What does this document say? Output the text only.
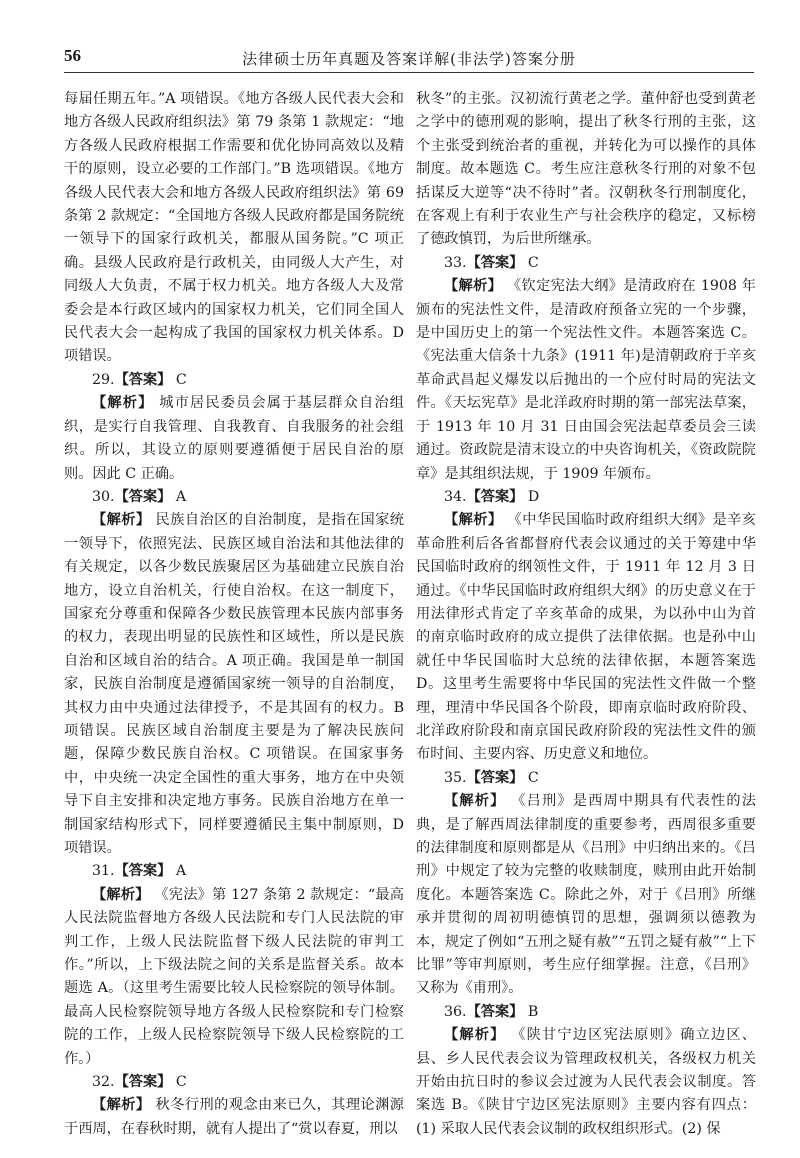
56	法律硕士历年真题及答案详解(非法学)答案分册

每届任期五年。”A 项错误。《地方各级人民代表大会和地方各级人民政府组织法》第 79 条第 1 款规定：“地方各级人民政府根据工作需要和优化协同高效以及精干的原则，设立必要的工作部门。”B 选项错误。《地方各级人民代表大会和地方各级人民政府组织法》第 69 条第 2 款规定：“全国地方各级人民政府都是国务院统一领导下的国家行政机关，都服从国务院。”C 项正确。县级人民政府是行政机关，由同级人大产生，对同级人大负责，不属于权力机关。地方各级人大及常委会是本行政区域内的国家权力机关，它们同全国人民代表大会一起构成了我国的国家权力机关体系。D 项错误。

29.【答案】 C

【解析】 城市居民委员会属于基层群众自治组织，是实行自我管理、自我教育、自我服务的社会组织。所以，其设立的原则要遵循便于居民自治的原则。因此 C 正确。

30.【答案】 A

【解析】 民族自治区的自治制度，是指在国家统一领导下，依照宪法、民族区域自治法和其他法律的有关规定，以各少数民族聚居区为基础建立民族自治地方，设立自治机关，行使自治权。在这一制度下，国家充分尊重和保障各少数民族管理本民族内部事务的权力，表现出明显的民族性和区域性，所以是民族自治和区域自治的结合。A 项正确。我国是单一制国家，民族自治制度是遵循国家统一领导的自治制度，其权力由中央通过法律授予，不是其固有的权力。B 项错误。民族区域自治制度主要是为了解决民族问题，保障少数民族自治权。C 项错误。在国家事务中，中央统一决定全国性的重大事务，地方在中央领导下自主安排和决定地方事务。民族自治地方在单一制国家结构形式下，同样要遵循民主集中制原则，D 项错误。

31.【答案】 A

【解析】 《宪法》第 127 条第 2 款规定：“最高人民法院监督地方各级人民法院和专门人民法院的审判工作，上级人民法院监督下级人民法院的审判工作。”所以，上下级法院之间的关系是监督关系。故本题选 A。（这里考生需要比较人民检察院的领导体制。最高人民检察院领导地方各级人民检察院和专门检察院的工作，上级人民检察院领导下级人民检察院的工作。）

32.【答案】 C

【解析】 秋冬行刑的观念由来已久，其理论渊源于西周，在春秋时期，就有人提出了“赏以春夏，刑以

秋冬”的主张。汉初流行黄老之学。董仲舒也受到黄老之学中的德刑观的影响，提出了秋冬行刑的主张，这个主张受到统治者的重视，并转化为可以操作的具体制度。故本题选 C。考生应注意秋冬行刑的对象不包括谋反大逆等“决不待时”者。汉朝秋冬行刑制度化，在客观上有利于农业生产与社会秩序的稳定，又标榜了德政慎罚，为后世所继承。

33.【答案】 C

【解析】 《钦定宪法大纲》是清政府在 1908 年颁布的宪法性文件，是清政府预备立宪的一个步骤，是中国历史上的第一个宪法性文件。本题答案选 C。《宪法重大信条十九条》(1911 年)是清朝政府于辛亥革命武昌起义爆发以后抛出的一个应付时局的宪法文件。《天坛宪草》是北洋政府时期的第一部宪法草案，于 1913 年 10 月 31 日由国会宪法起草委员会三读通过。资政院是清末设立的中央咨询机关，《资政院院章》是其组织法规，于 1909 年颁布。

34.【答案】 D

【解析】 《中华民国临时政府组织大纲》是辛亥革命胜利后各省都督府代表会议通过的关于筹建中华民国临时政府的纲领性文件，于 1911 年 12 月 3 日通过。《中华民国临时政府组织大纲》的历史意义在于用法律形式肯定了辛亥革命的成果，为以孙中山为首的南京临时政府的成立提供了法律依据。也是孙中山就任中华民国临时大总统的法律依据，本题答案选 D。这里考生需要将中华民国的宪法性文件做一个整理，理清中华民国各个阶段，即南京临时政府阶段、北洋政府阶段和南京国民政府阶段的宪法性文件的颁布时间、主要内容、历史意义和地位。

35.【答案】 C

【解析】 《吕刑》是西周中期具有代表性的法典，是了解西周法律制度的重要参考，西周很多重要的法律制度和原则都是从《吕刑》中归纳出来的。《吕刑》中规定了较为完整的收赎制度，赎刑由此开始制度化。本题答案选 C。除此之外，对于《吕刑》所继承并贯彻的周初明德慎罚的思想，强调须以德教为本，规定了例如“五刑之疑有赦”“五罚之疑有赦”“上下比罪”等审判原则，考生应仔细掌握。注意，《吕刑》又称为《甫刑》。

36.【答案】 B

【解析】 《陕甘宁边区宪法原则》确立边区、县、乡人民代表会议为管理政权机关，各级权力机关开始由抗日时的参议会过渡为人民代表会议制度。答案选 B。《陕甘宁边区宪法原则》主要内容有四点：(1) 采取人民代表会议制的政权组织形式。(2) 保
